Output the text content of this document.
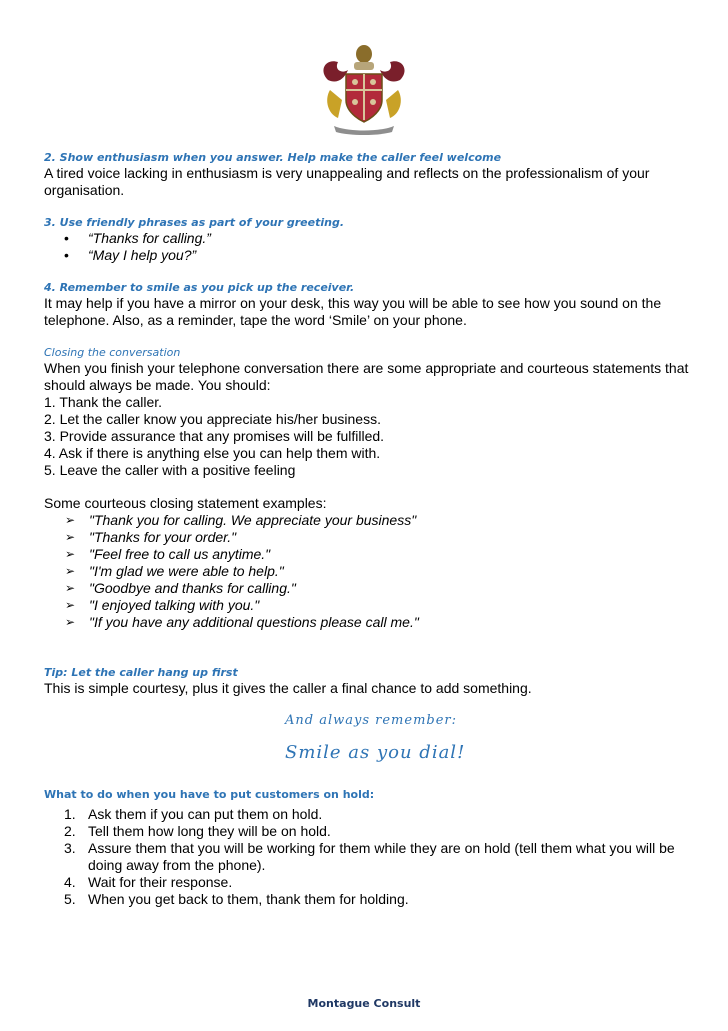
2. Show enthusiasm when you answer. Help make the caller feel welcome

A tired voice lacking in enthusiasm is very unappealing and reflects on the professionalism of your organisation.

3. Use friendly phrases as part of your greeting.

• “Thanks for calling.”
• “May I help you?”

4. Remember to smile as you pick up the receiver.

It may help if you have a mirror on your desk, this way you will be able to see how you sound on the telephone. Also, as a reminder, tape the word ‘Smile’ on your phone.

Closing the conversation

When you finish your telephone conversation there are some appropriate and courteous statements that should always be made. You should:

1. Thank the caller.

2. Let the caller know you appreciate his/her business.

3. Provide assurance that any promises will be fulfilled.

4. Ask if there is anything else you can help them with.

5. Leave the caller with a positive feeling

Some courteous closing statement examples:

➢ "Thank you for calling. We appreciate your business"
➢ "Thanks for your order."
➢ "Feel free to call us anytime."
➢ "I'm glad we were able to help."
➢ "Goodbye and thanks for calling."
➢ "I enjoyed talking with you."
➢ "If you have any additional questions please call me."

Tip: Let the caller hang up first

This is simple courtesy, plus it gives the caller a final chance to add something.

And always remember:

Smile as you dial!

What to do when you have to put customers on hold:

1. Ask them if you can put them on hold.
2. Tell them how long they will be on hold.
3. Assure them that you will be working for them while they are on hold (tell them what you will be doing away from the phone).
4. Wait for their response.
5. When you get back to them, thank them for holding.
Montague Consult
